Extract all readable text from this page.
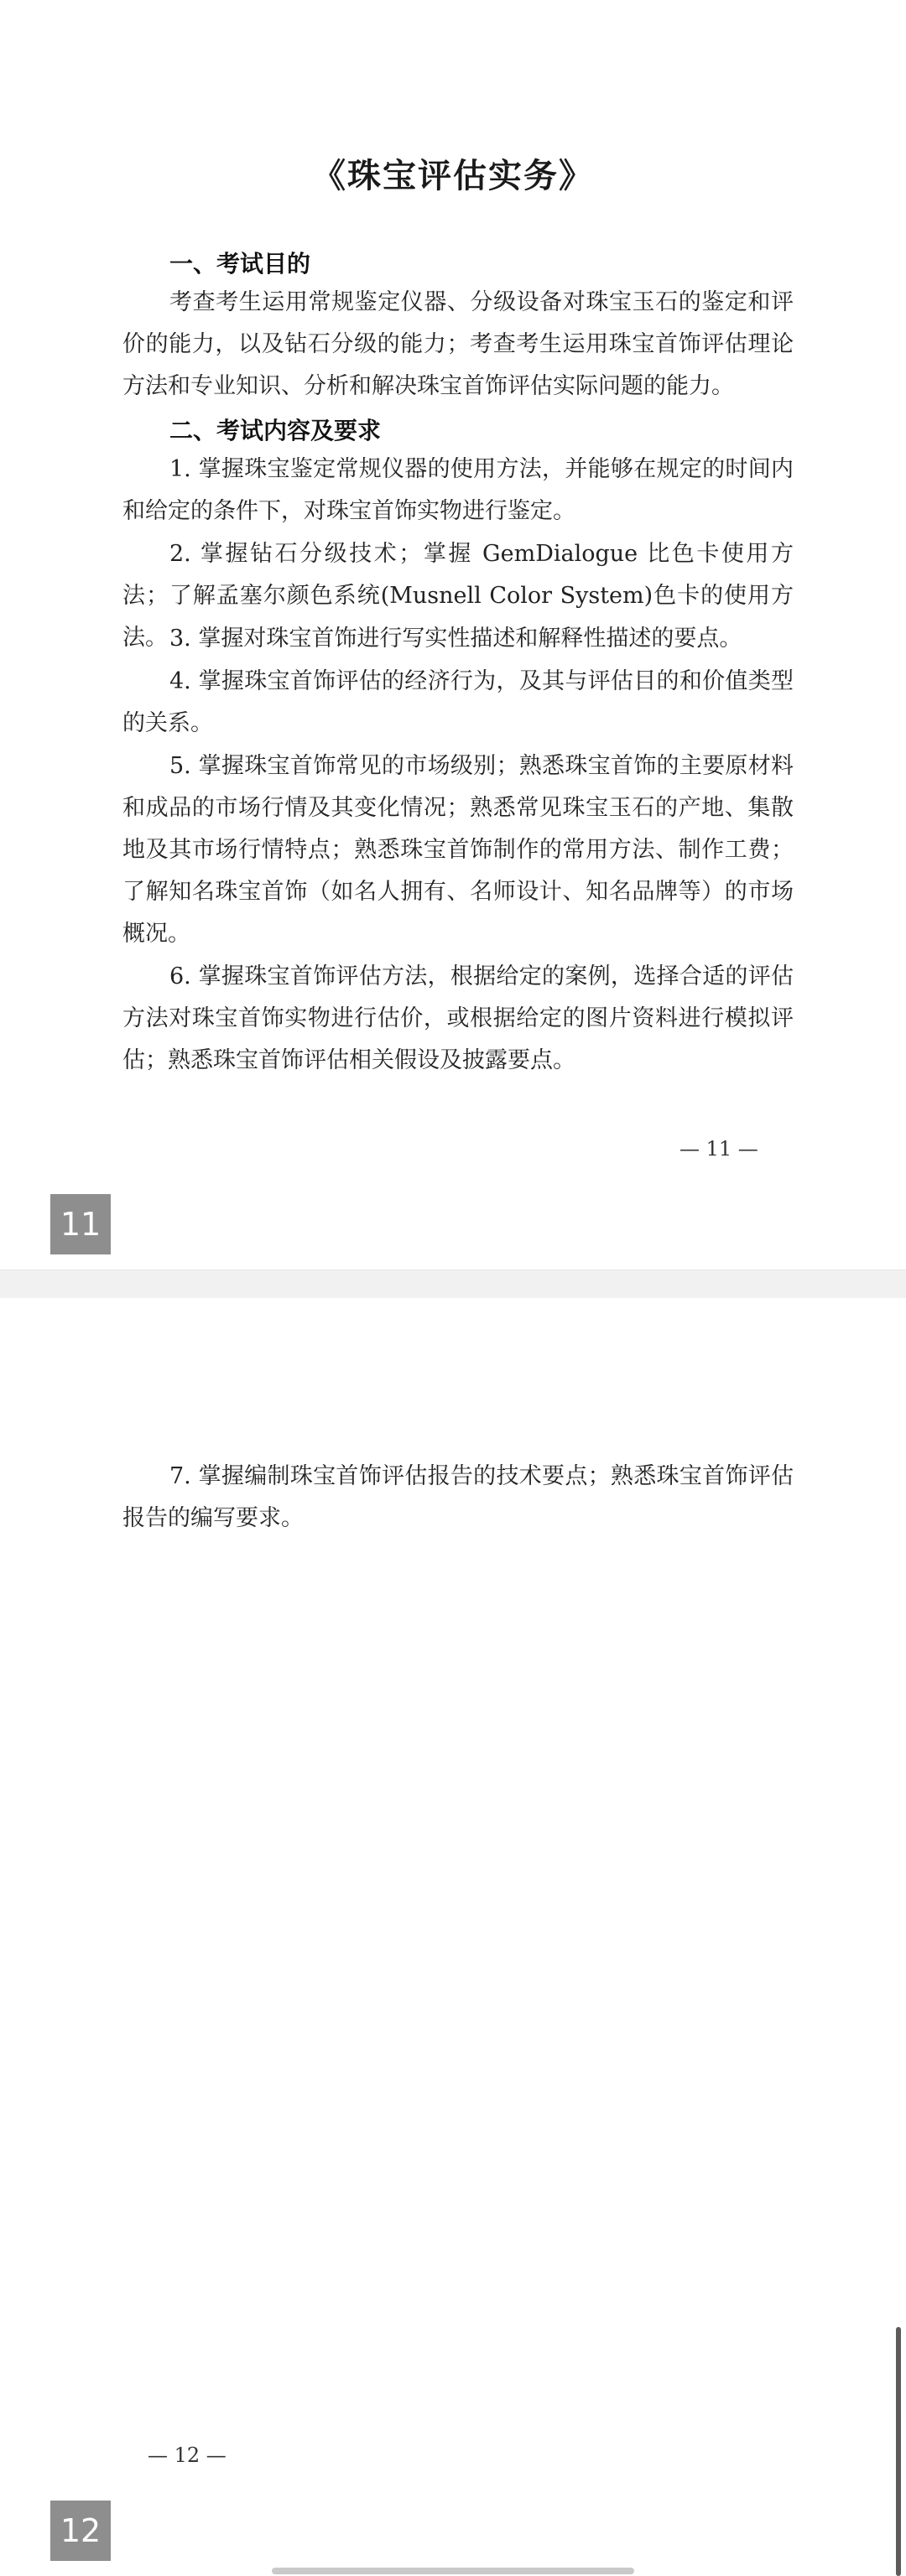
《珠宝评估实务》
一、考试目的
考查考生运用常规鉴定仪器、分级设备对珠宝玉石的鉴定和评价的能力，以及钻石分级的能力；考查考生运用珠宝首饰评估理论方法和专业知识、分析和解决珠宝首饰评估实际问题的能力。
二、考试内容及要求
1. 掌握珠宝鉴定常规仪器的使用方法，并能够在规定的时间内和给定的条件下，对珠宝首饰实物进行鉴定。
2. 掌握钻石分级技术；掌握 GemDialogue 比色卡使用方法；了解孟塞尔颜色系统(Musnell Color System)色卡的使用方法。 3. 掌握对珠宝首饰进行写实性描述和解释性描述的要点。
4. 掌握珠宝首饰评估的经济行为，及其与评估目的和价值类型的关系。
5. 掌握珠宝首饰常见的市场级别；熟悉珠宝首饰的主要原材料和成品的市场行情及其变化情况；熟悉常见珠宝玉石的产地、集散地及其市场行情特点；熟悉珠宝首饰制作的常用方法、制作工费；了解知名珠宝首饰（如名人拥有、名师设计、知名品牌等）的市场概况。
6. 掌握珠宝首饰评估方法，根据给定的案例，选择合适的评估方法对珠宝首饰实物进行估价，或根据给定的图片资料进行模拟评估；熟悉珠宝首饰评估相关假设及披露要点。
— 11 —
11
7. 掌握编制珠宝首饰评估报告的技术要点；熟悉珠宝首饰评估报告的编写要求。
— 12 —
12
